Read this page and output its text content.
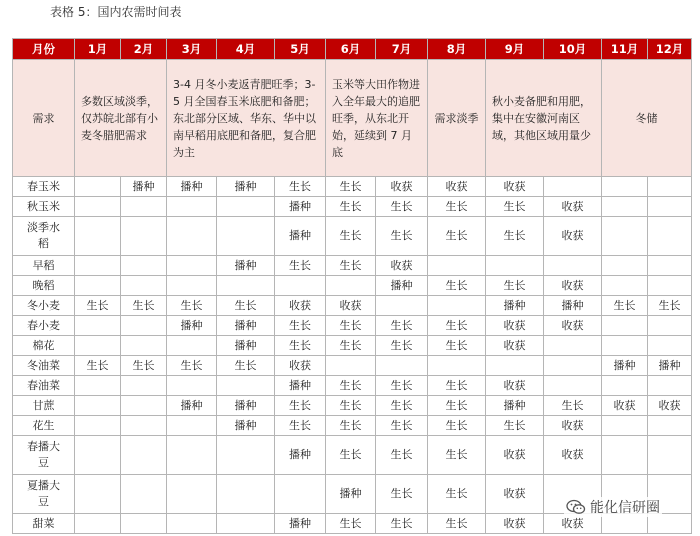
表格 5：国内农需时间表
月份	1月	2月	3月	4月	5月	6月	7月	8月	9月	10月	11月	12月
需求	多数区域淡季，仅苏皖北部有小麦冬腊肥需求		3-4 月冬小麦返青肥旺季；3-5 月全国春玉米底肥和备肥；东北部分区域、华东、华中以南早稻用底肥和备肥，复合肥为主			玉米等大田作物进入全年最大的追肥旺季，从东北开始，延续到 7 月底		需求淡季	秋小麦备肥和用肥，集中在安徽河南区域，其他区域用量少		冬储	
春玉米		播种	播种	播种	生长	生长	收获	收获	收获			
秋玉米					播种	生长	生长	生长	生长	收获		
淡季水稻					播种	生长	生长	生长	生长	收获		
早稻				播种	生长	生长	收获					
晚稻							播种	生长	生长	收获		
冬小麦	生长	生长	生长	生长	收获	收获			播种	播种	生长	生长
春小麦			播种	播种	生长	生长	生长	生长	收获	收获		
棉花				播种	生长	生长	生长	生长	收获			
冬油菜	生长	生长	生长	生长	收获						播种	播种
春油菜					播种	生长	生长	生长	收获			
甘蔗			播种	播种	生长	生长	生长	生长	播种	生长	收获	收获
花生				播种	生长	生长	生长	生长	生长	收获		
春播大豆					播种	生长	生长	生长	收获	收获		
夏播大豆						播种	生长	生长	收获			
甜菜					播种	生长	生长	生长	收获	收获		
能化信研圈
